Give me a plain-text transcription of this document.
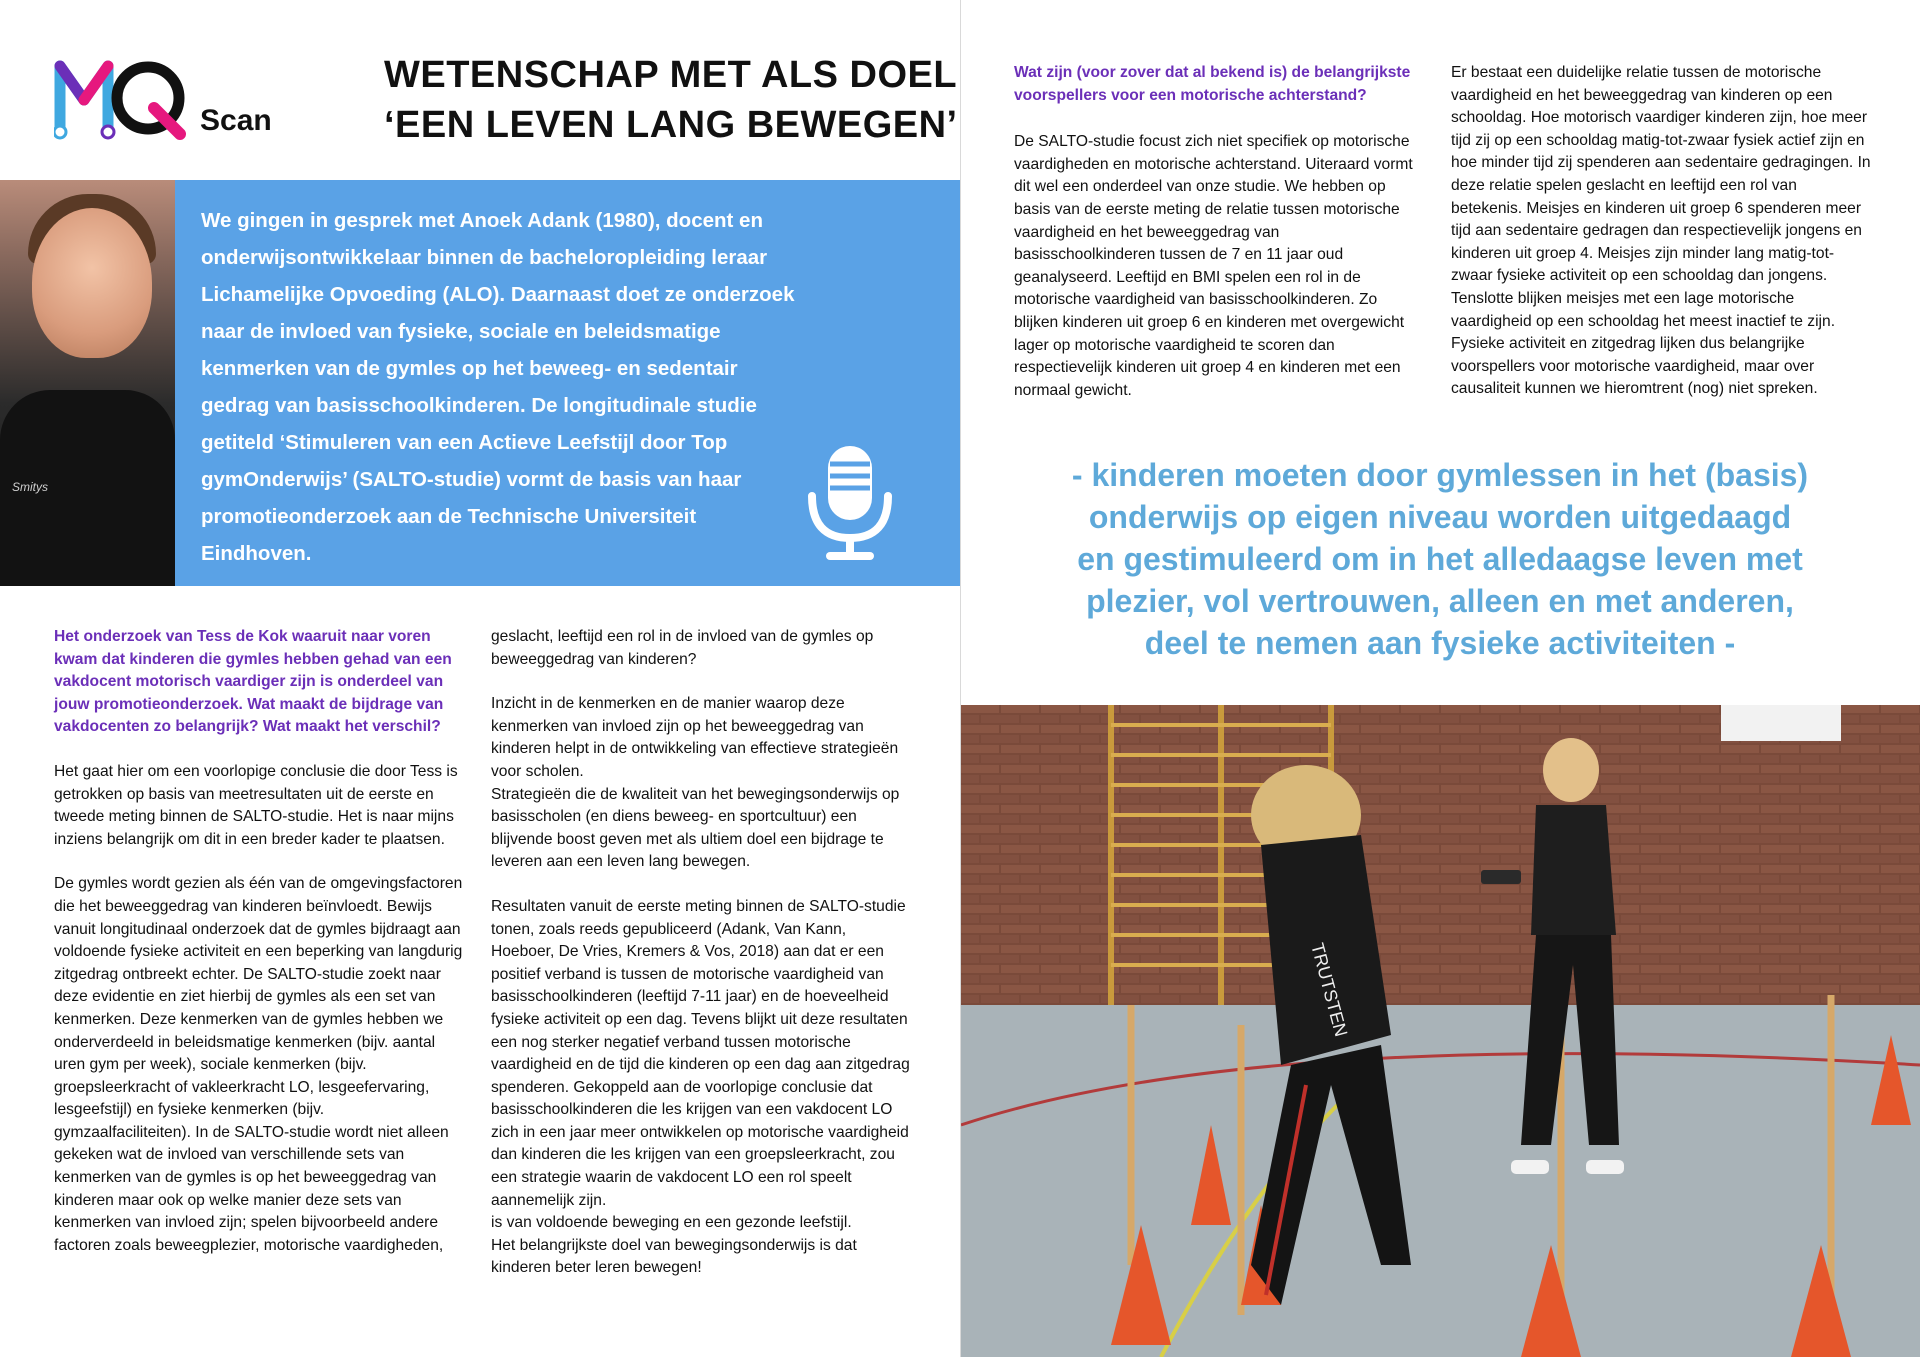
Scan
WETENSCHAP MET ALS DOEL
‘EEN LEVEN LANG BEWEGEN’
Smitys
We gingen in gesprek met Anoek Adank (1980), docent en onderwijsontwikkelaar binnen de bacheloropleiding leraar Lichamelijke Opvoeding (ALO). Daarnaast doet ze onderzoek naar de invloed van fysieke, sociale en beleidsmatige kenmerken van de gymles op het beweeg- en sedentair gedrag van basisschoolkinderen. De longitudinale studie getiteld ‘Stimuleren van een Actieve Leefstijl door Top gymOnderwijs’ (SALTO-studie) vormt de basis van haar promotieonderzoek aan de Technische Universiteit Eindhoven.

Het onderzoek van Tess de Kok waaruit naar voren kwam dat kinderen die gymles hebben gehad van een vakdocent motorisch vaardiger zijn is onderdeel van jouw promotieonderzoek. Wat maakt de bijdrage van vakdocenten zo belangrijk? Wat maakt het verschil?

Het gaat hier om een voorlopige conclusie die door Tess is getrokken op basis van meetresultaten uit de eerste en tweede meting binnen de SALTO-studie. Het is naar mijns inziens belangrijk om dit in een breder kader te plaatsen.

De gymles wordt gezien als één van de omgevingsfactoren die het beweeggedrag van kinderen beïnvloedt. Bewijs vanuit longitudinaal onderzoek dat de gymles bijdraagt aan voldoende fysieke activiteit en een beperking van langdurig zitgedrag ontbreekt echter. De SALTO-studie zoekt naar deze evidentie en ziet hierbij de gymles als een set van kenmerken. Deze kenmerken van de gymles hebben we onderverdeeld in beleidsmatige kenmerken (bijv. aantal uren gym per week), sociale kenmerken (bijv. groepsleerkracht of vakleerkracht LO, lesgeefervaring, lesgeefstijl) en fysieke kenmerken (bijv. gymzaalfaciliteiten). In de SALTO-studie wordt niet alleen gekeken wat de invloed van verschillende sets van kenmerken van de gymles is op het beweeggedrag van kinderen maar ook op welke manier deze sets van kenmerken van invloed zijn; spelen bijvoorbeeld andere factoren zoals beweegplezier, motorische vaardigheden,

geslacht, leeftijd een rol in de invloed van de gymles op beweeggedrag van kinderen?

Inzicht in de kenmerken en de manier waarop deze kenmerken van invloed zijn op het beweeggedrag van kinderen helpt in de ontwikkeling van effectieve strategieën voor scholen.

Strategieën die de kwaliteit van het bewegingsonderwijs op basisscholen (en diens beweeg- en sportcultuur) een blijvende boost geven met als ultiem doel een bijdrage te leveren aan een leven lang bewegen.

Resultaten vanuit de eerste meting binnen de SALTO-studie tonen, zoals reeds gepubliceerd (Adank, Van Kann, Hoeboer, De Vries, Kremers & Vos, 2018) aan dat er een positief verband is tussen de motorische vaardigheid van basisschoolkinderen (leeftijd 7-11 jaar) en de hoeveelheid fysieke activiteit op een dag. Tevens blijkt uit deze resultaten een nog sterker negatief verband tussen motorische vaardigheid en de tijd die kinderen op een dag aan zitgedrag spenderen. Gekoppeld aan de voorlopige conclusie dat basisschoolkinderen die les krijgen van een vakdocent LO zich in een jaar meer ontwikkelen op motorische vaardigheid dan kinderen die les krijgen van een groepsleerkracht, zou een strategie waarin de vakdocent LO een rol speelt aannemelijk zijn.

is van voldoende beweging en een gezonde leefstijl.

Het belangrijkste doel van bewegingsonderwijs is dat kinderen beter leren bewegen!

Wat zijn (voor zover dat al bekend is) de belangrijkste voorspellers voor een motorische achterstand?

De SALTO-studie focust zich niet specifiek op motorische vaardigheden en motorische achterstand. Uiteraard vormt dit wel een onderdeel van onze studie. We hebben op basis van de eerste meting de relatie tussen motorische vaardigheid en het beweeggedrag van basisschoolkinderen tussen de 7 en 11 jaar oud geanalyseerd. Leeftijd en BMI spelen een rol in de motorische vaardigheid van basisschoolkinderen. Zo blijken kinderen uit groep 6 en kinderen met overgewicht lager op motorische vaardigheid te scoren dan respectievelijk kinderen uit groep 4 en kinderen met een normaal gewicht.

Er bestaat een duidelijke relatie tussen de motorische vaardigheid en het beweeggedrag van kinderen op een schooldag. Hoe motorisch vaardiger kinderen zijn, hoe meer tijd zij op een schooldag matig-tot-zwaar fysiek actief zijn en hoe minder tijd zij spenderen aan sedentaire gedragingen. In deze relatie spelen geslacht en leeftijd een rol van betekenis. Meisjes en kinderen uit groep 6 spenderen meer tijd aan sedentaire gedragen dan respectievelijk jongens en kinderen uit groep 4. Meisjes zijn minder lang matig-tot-zwaar fysieke activiteit op een schooldag dan jongens. Tenslotte blijken meisjes met een lage motorische vaardigheid op een schooldag het meest inactief te zijn.

Fysieke activiteit en zitgedrag lijken dus belangrijke voorspellers voor motorische vaardigheid, maar over causaliteit kunnen we hieromtrent (nog) niet spreken.

- kinderen moeten door gymlessen in het (basis)
onderwijs op eigen niveau worden uitgedaagd
en gestimuleerd om in het alledaagse leven met
plezier, vol vertrouwen, alleen en met anderen,
deel te nemen aan fysieke activiteiten -
TRUTSTEN
